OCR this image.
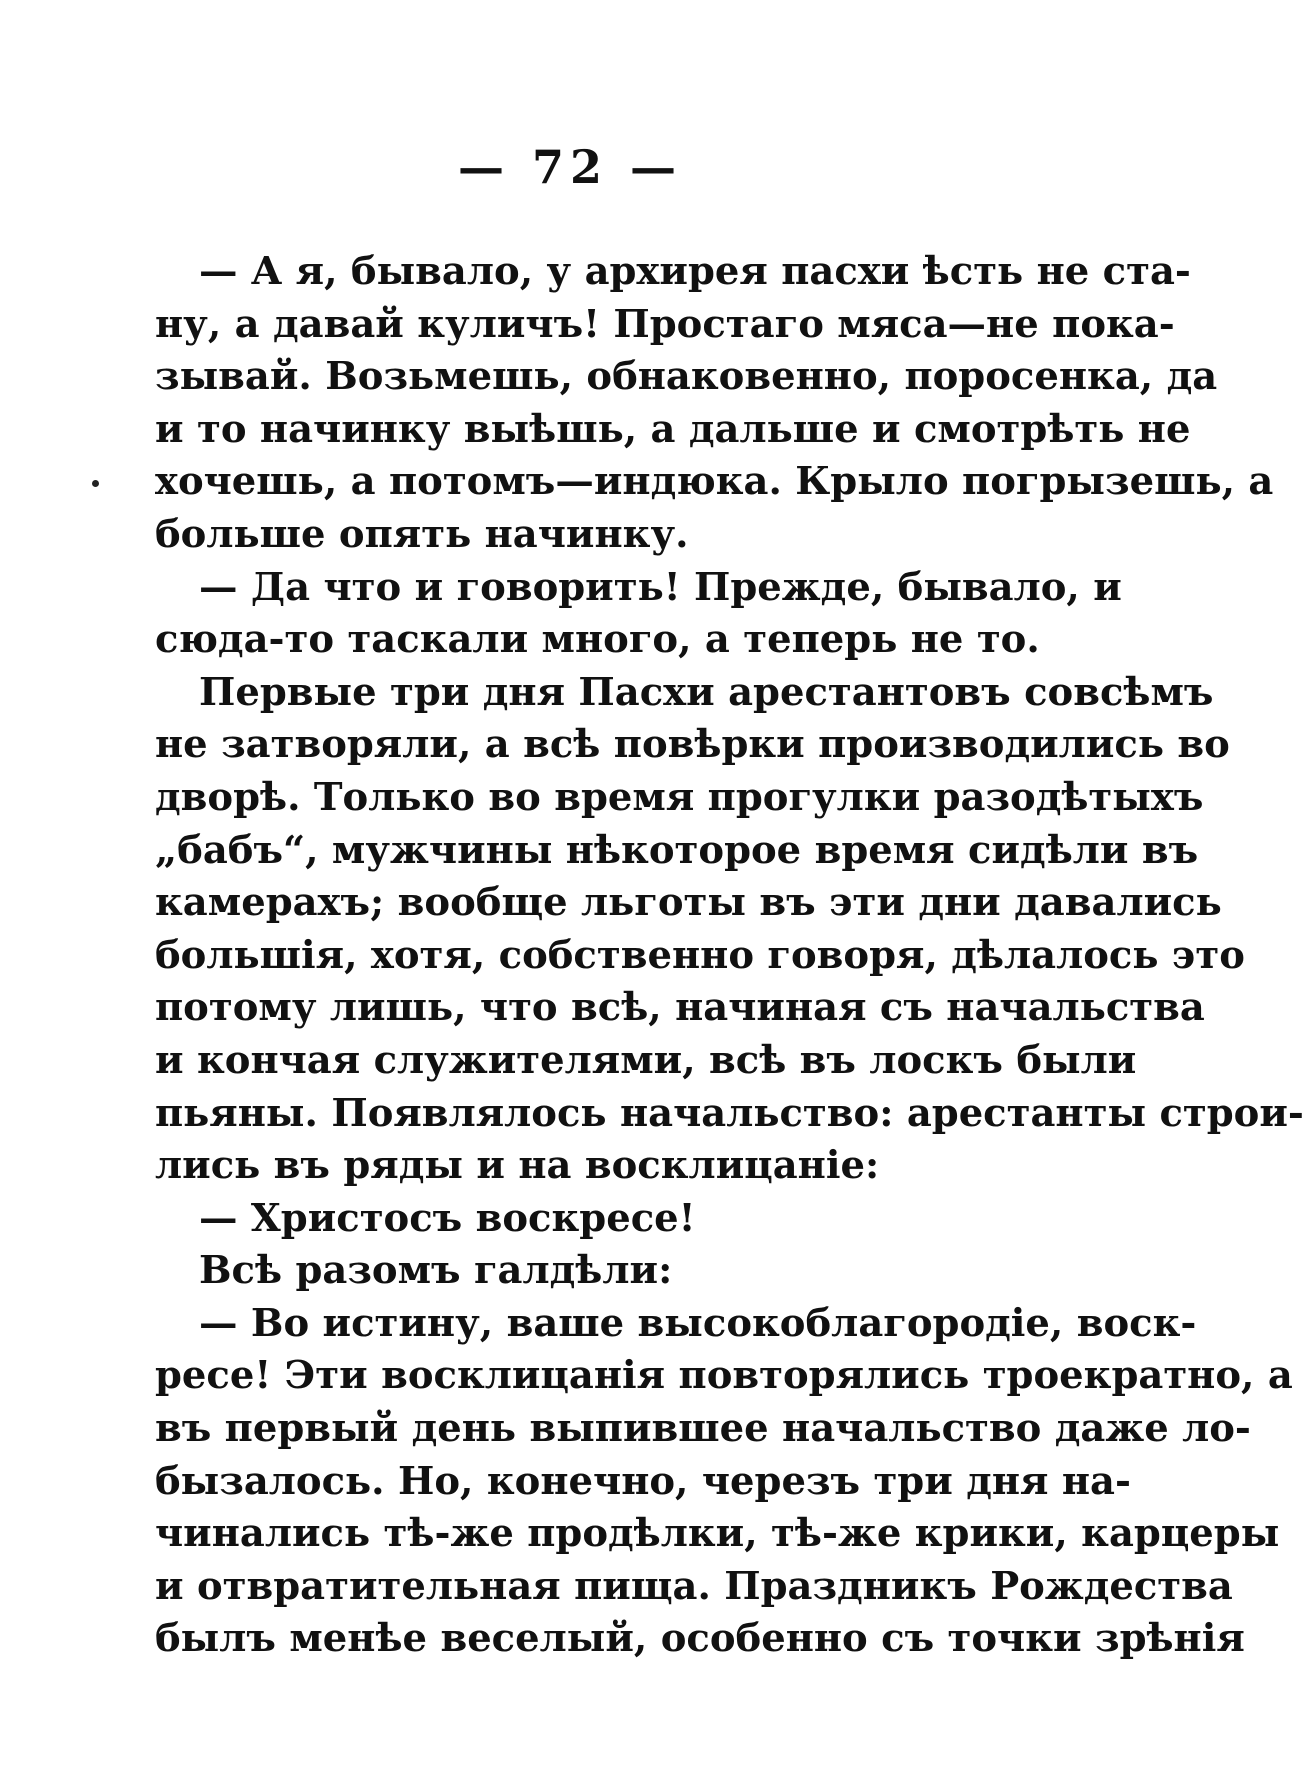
— 72 —
— А я, бывало, у архирея пасхи ѣсть не ста-
ну, а давай куличъ! Простаго мяса—не пока-
зывай. Возьмешь, обнаковенно, поросенка, да
и то начинку выѣшь, а дальше и смотрѣть не
хочешь, а потомъ—индюка. Крыло погрызешь, а
больше опять начинку.
— Да что и говорить! Прежде, бывало, и
сюда-то таскали много, а теперь не то.
Первые три дня Пасхи арестантовъ совсѣмъ
не затворяли, а всѣ повѣрки производились во
дворѣ. Только во время прогулки разодѣтыхъ
„бабъ“, мужчины нѣкоторое время сидѣли въ
камерахъ; вообще льготы въ эти дни давались
большія, хотя, собственно говоря, дѣлалось это
потому лишь, что всѣ, начиная съ начальства
и кончая служителями, всѣ въ лоскъ были
пьяны. Появлялось начальство: арестанты строи-
лись въ ряды и на восклицаніе:
— Христосъ воскресе!
Всѣ разомъ галдѣли:
— Во истину, ваше высокоблагородіе, воск-
ресе! Эти восклицанія повторялись троекратно, а
въ первый день выпившее начальство даже ло-
бызалось. Но, конечно, черезъ три дня на-
чинались тѣ-же продѣлки, тѣ-же крики, карцеры
и отвратительная пища. Праздникъ Рождества
былъ менѣе веселый, особенно съ точки зрѣнія
